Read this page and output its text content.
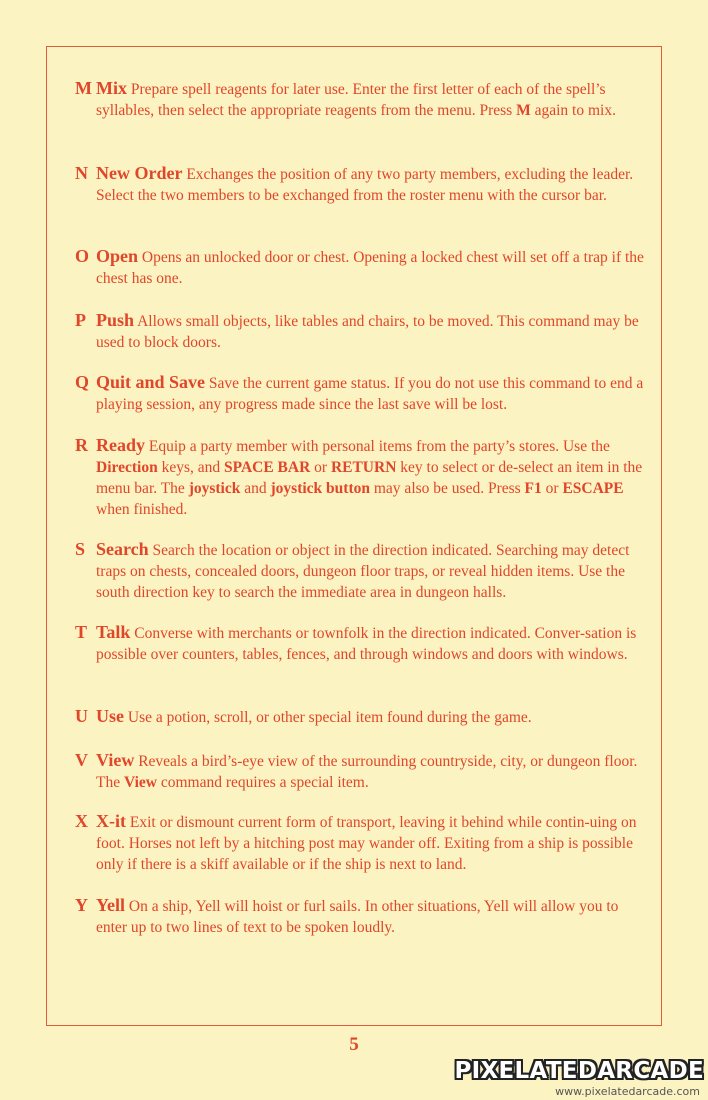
M Mix Prepare spell reagents for later use. Enter the first letter of each of the spell’s syllables, then select the appropriate reagents from the menu. Press M again to mix.

N New Order Exchanges the position of any two party members, excluding the leader. Select the two members to be exchanged from the roster menu with the cursor bar.

O Open Opens an unlocked door or chest. Opening a locked chest will set off a trap if the chest has one.

P Push Allows small objects, like tables and chairs, to be moved. This command may be used to block doors.

Q Quit and Save Save the current game status. If you do not use this command to end a playing session, any progress made since the last save will be lost.

R Ready Equip a party member with personal items from the party’s stores. Use the Direction keys, and SPACE BAR or RETURN key to select or de-select an item in the menu bar. The joystick and joystick button may also be used. Press F1 or ESCAPE when finished.

S Search Search the location or object in the direction indicated. Searching may detect traps on chests, concealed doors, dungeon floor traps, or reveal hidden items. Use the south direction key to search the immediate area in dungeon halls.

T Talk Converse with merchants or townfolk in the direction indicated. Conver-sation is possible over counters, tables, fences, and through windows and doors with windows.

U Use Use a potion, scroll, or other special item found during the game.

V View Reveals a bird’s-eye view of the surrounding countryside, city, or dungeon floor. The View command requires a special item.

X X-it Exit or dismount current form of transport, leaving it behind while contin-uing on foot. Horses not left by a hitching post may wander off. Exiting from a ship is possible only if there is a skiff available or if the ship is next to land.

Y Yell On a ship, Yell will hoist or furl sails. In other situations, Yell will allow you to enter up to two lines of text to be spoken loudly.

5
PIXELATEDARCADE
www.pixelatedarcade.com
